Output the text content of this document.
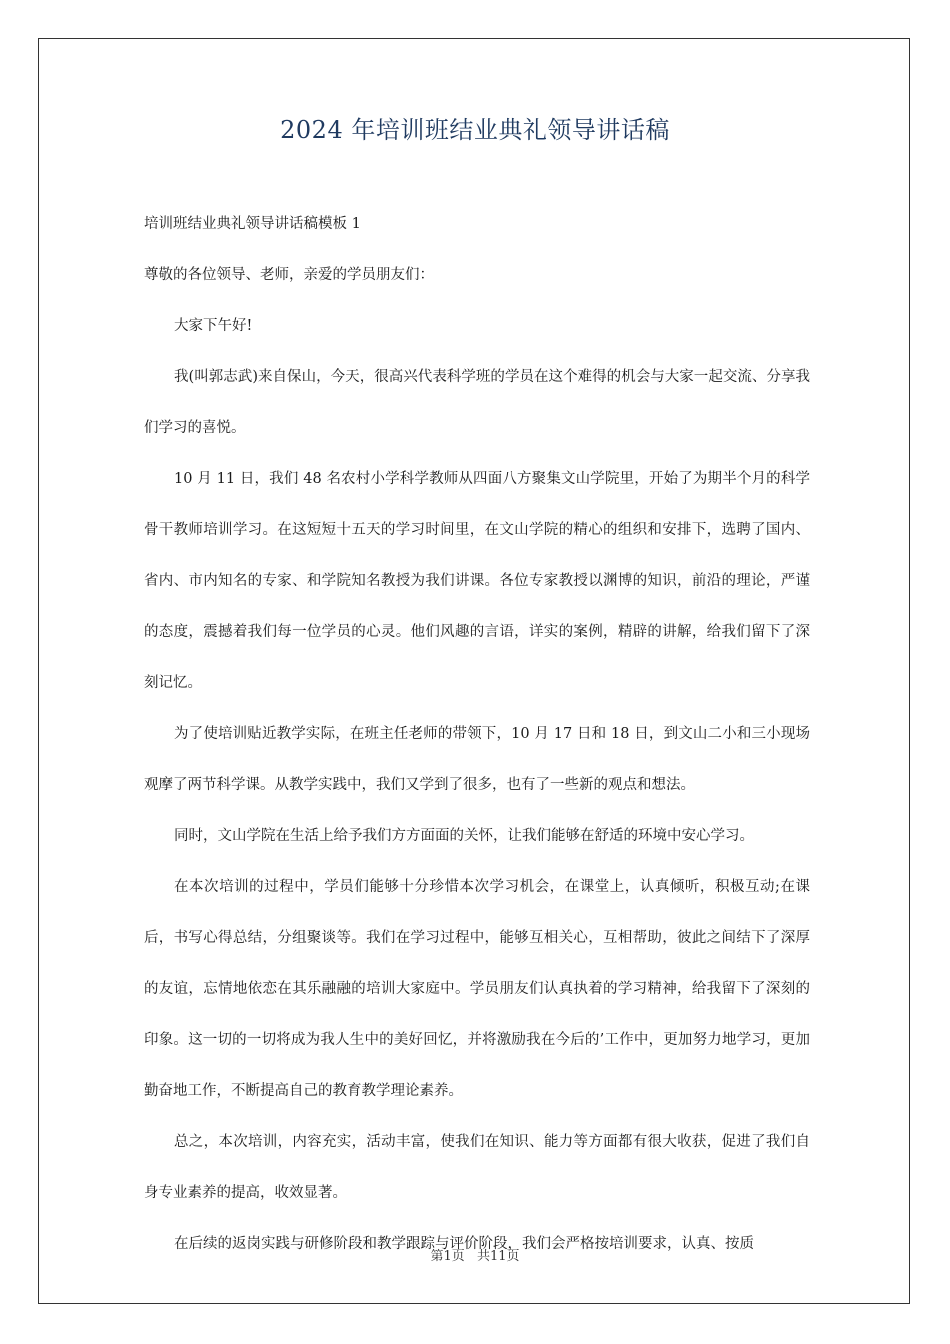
2024 年培训班结业典礼领导讲话稿

培训班结业典礼领导讲话稿模板 1

尊敬的各位领导、老师，亲爱的学员朋友们：

大家下午好!

我(叫郭志武)来自保山，今天，很高兴代表科学班的学员在这个难得的机会与大家一起交流、分享我们学习的喜悦。

10 月 11 日，我们 48 名农村小学科学教师从四面八方聚集文山学院里，开始了为期半个月的科学骨干教师培训学习。在这短短十五天的学习时间里，在文山学院的精心的组织和安排下，选聘了国内、省内、市内知名的专家、和学院知名教授为我们讲课。各位专家教授以渊博的知识，前沿的理论，严谨的态度，震撼着我们每一位学员的心灵。他们风趣的言语，详实的案例，精辟的讲解，给我们留下了深刻记忆。

为了使培训贴近教学实际，在班主任老师的带领下，10 月 17 日和 18 日，到文山二小和三小现场观摩了两节科学课。从教学实践中，我们又学到了很多，也有了一些新的观点和想法。

同时，文山学院在生活上给予我们方方面面的关怀，让我们能够在舒适的环境中安心学习。

在本次培训的过程中，学员们能够十分珍惜本次学习机会，在课堂上，认真倾听，积极互动;在课后，书写心得总结，分组聚谈等。我们在学习过程中，能够互相关心，互相帮助，彼此之间结下了深厚的友谊，忘情地依恋在其乐融融的培训大家庭中。学员朋友们认真执着的学习精神，给我留下了深刻的印象。这一切的一切将成为我人生中的美好回忆，并将激励我在今后的’工作中，更加努力地学习，更加勤奋地工作，不断提高自己的教育教学理论素养。

总之，本次培训，内容充实，活动丰富，使我们在知识、能力等方面都有很大收获，促进了我们自身专业素养的提高，收效显著。

在后续的返岗实践与研修阶段和教学跟踪与评价阶段，我们会严格按培训要求，认真、按质

第1页 共11页
